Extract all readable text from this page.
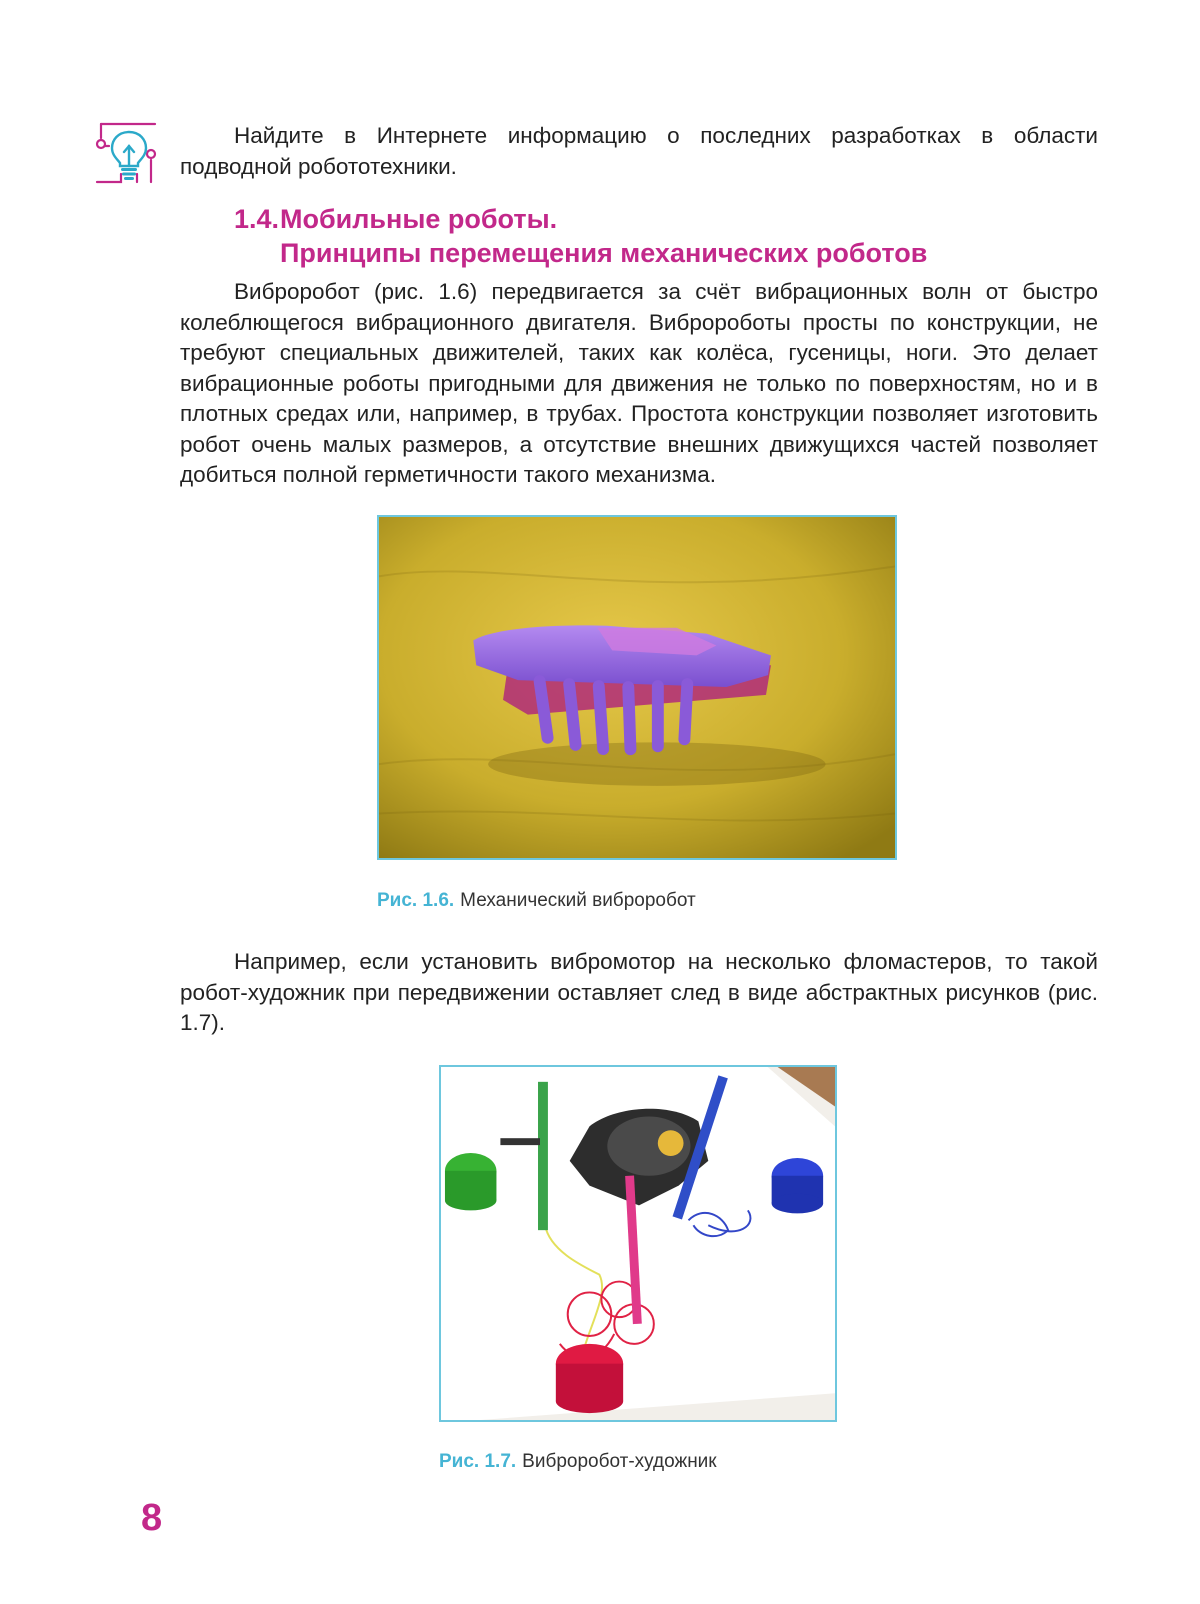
Найдите в Интернете информацию о последних разработках в области подводной робототехники.

1.4.Мобильные роботы.
Принципы перемещения механических роботов

Виброробот (рис. 1.6) передвигается за счёт вибрационных волн от быстро колеблющегося вибрационного двигателя. Вибророботы просты по конструкции, не требуют специальных движителей, таких как колёса, гусеницы, ноги. Это делает вибрационные роботы пригодными для движения не только по поверхностям, но и в плотных средах или, например, в трубах. Простота конструкции позволяет изготовить робот очень малых размеров, а отсутствие внешних движущихся частей позволяет добиться полной герметичности такого механизма.

Рис. 1.6. Механический виброробот

Например, если установить вибромотор на несколько фломастеров, то такой робот-художник при передвижении оставляет след в виде абстрактных рисунков (рис. 1.7).

Рис. 1.7. Виброробот-художник

8
